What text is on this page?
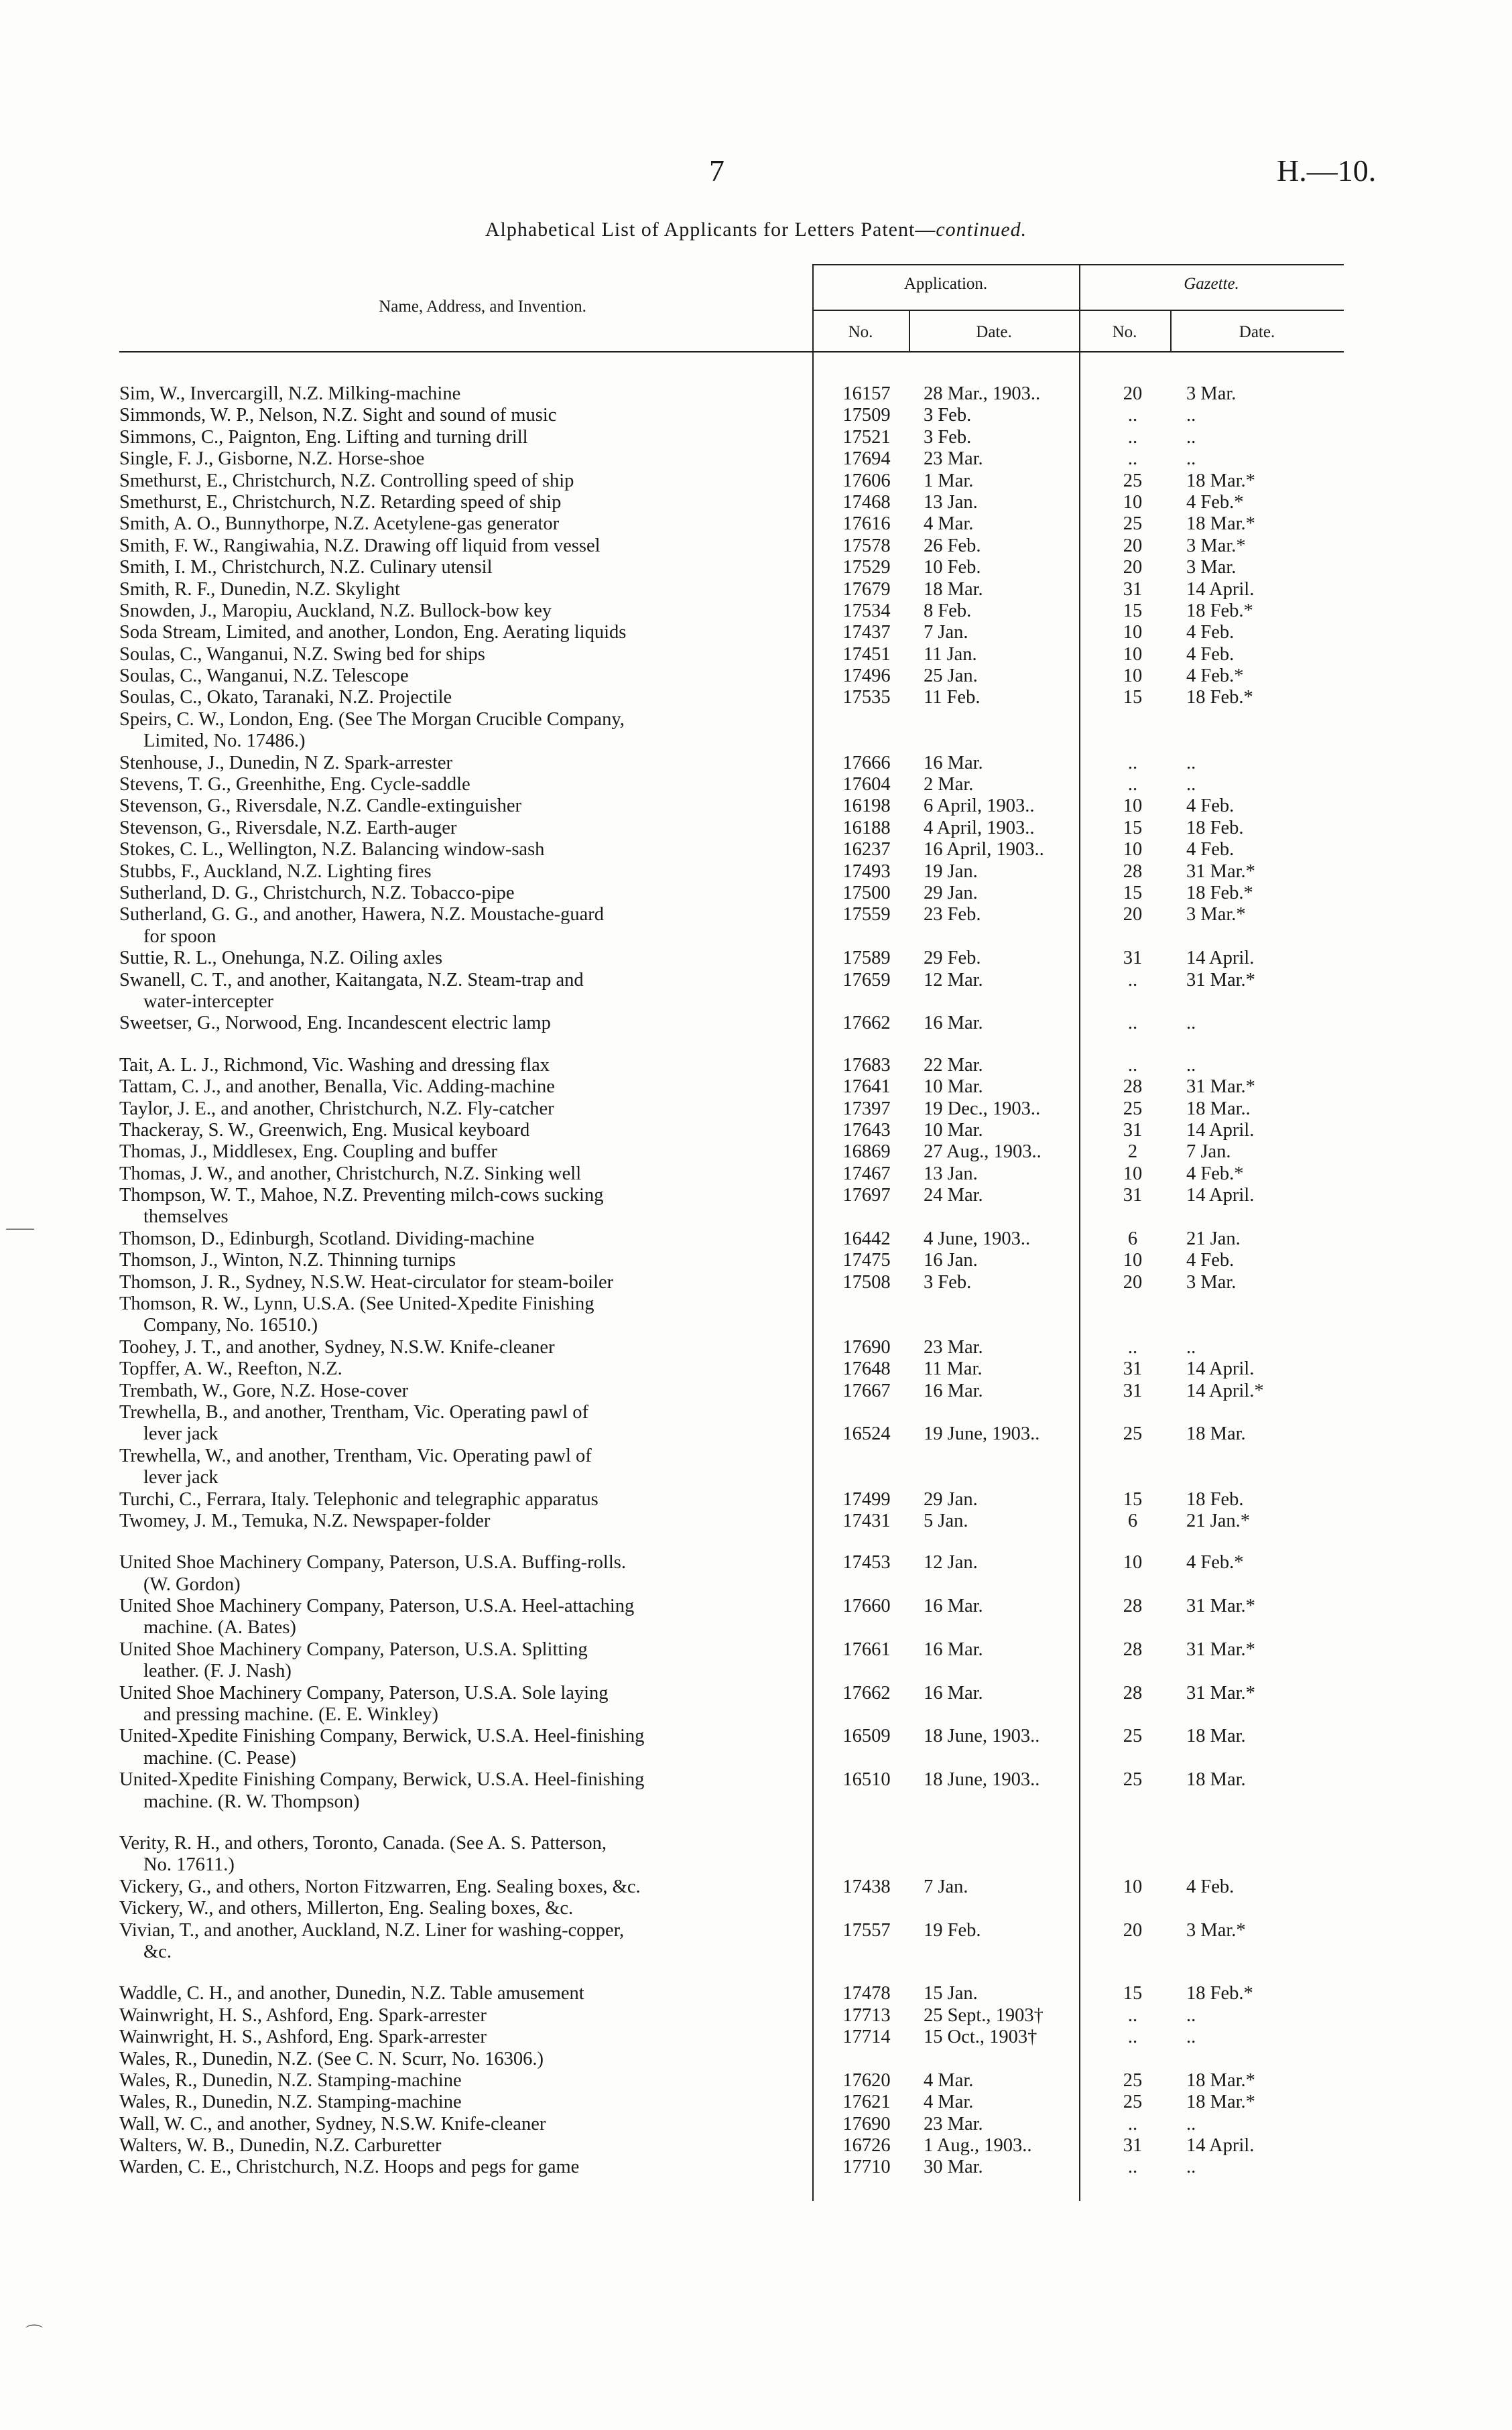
7	H.—10.
Alphabetical List of Applicants for Letters Patent—continued.
Name, Address, and Invention.
Application.	Gazette.
No.	Date.	No.	Date.
Sim, W., Invercargill, N.Z. Milking-machine	16157	28 Mar., 1903..	20	3 Mar.
Simmonds, W. P., Nelson, N.Z. Sight and sound of music	17509	3 Feb.	..	..
Simmons, C., Paignton, Eng. Lifting and turning drill	17521	3 Feb.	..	..
Single, F. J., Gisborne, N.Z. Horse-shoe	17694	23 Mar.	..	..
Smethurst, E., Christchurch, N.Z. Controlling speed of ship	17606	1 Mar.	25	18 Mar.*
Smethurst, E., Christchurch, N.Z. Retarding speed of ship	17468	13 Jan.	10	4 Feb.*
Smith, A. O., Bunnythorpe, N.Z. Acetylene-gas generator	17616	4 Mar.	25	18 Mar.*
Smith, F. W., Rangiwahia, N.Z. Drawing off liquid from vessel	17578	26 Feb.	20	3 Mar.*
Smith, I. M., Christchurch, N.Z. Culinary utensil	17529	10 Feb.	20	3 Mar.
Smith, R. F., Dunedin, N.Z. Skylight	17679	18 Mar.	31	14 April.
Snowden, J., Maropiu, Auckland, N.Z. Bullock-bow key	17534	8 Feb.	15	18 Feb.*
Soda Stream, Limited, and another, London, Eng. Aerating liquids	17437	7 Jan.	10	4 Feb.
Soulas, C., Wanganui, N.Z. Swing bed for ships	17451	11 Jan.	10	4 Feb.
Soulas, C., Wanganui, N.Z. Telescope	17496	25 Jan.	10	4 Feb.*
Soulas, C., Okato, Taranaki, N.Z. Projectile	17535	11 Feb.	15	18 Feb.*
Speirs, C. W., London, Eng. (See The Morgan Crucible Company,
Limited, No. 17486.)
Stenhouse, J., Dunedin, N Z. Spark-arrester	17666	16 Mar.	..	..
Stevens, T. G., Greenhithe, Eng. Cycle-saddle	17604	2 Mar.	..	..
Stevenson, G., Riversdale, N.Z. Candle-extinguisher	16198	6 April, 1903..	10	4 Feb.
Stevenson, G., Riversdale, N.Z. Earth-auger	16188	4 April, 1903..	15	18 Feb.
Stokes, C. L., Wellington, N.Z. Balancing window-sash	16237	16 April, 1903..	10	4 Feb.
Stubbs, F., Auckland, N.Z. Lighting fires	17493	19 Jan.	28	31 Mar.*
Sutherland, D. G., Christchurch, N.Z. Tobacco-pipe	17500	29 Jan.	15	18 Feb.*
Sutherland, G. G., and another, Hawera, N.Z. Moustache-guard	17559	23 Feb.	20	3 Mar.*
for spoon
Suttie, R. L., Onehunga, N.Z. Oiling axles	17589	29 Feb.	31	14 April.
Swanell, C. T., and another, Kaitangata, N.Z. Steam-trap and	17659	12 Mar.	..	31 Mar.*
water-intercepter
Sweetser, G., Norwood, Eng. Incandescent electric lamp	17662	16 Mar.	..	..
Tait, A. L. J., Richmond, Vic. Washing and dressing flax	17683	22 Mar.	..	..
Tattam, C. J., and another, Benalla, Vic. Adding-machine	17641	10 Mar.	28	31 Mar.*
Taylor, J. E., and another, Christchurch, N.Z. Fly-catcher	17397	19 Dec., 1903..	25	18 Mar..
Thackeray, S. W., Greenwich, Eng. Musical keyboard	17643	10 Mar.	31	14 April.
Thomas, J., Middlesex, Eng. Coupling and buffer	16869	27 Aug., 1903..	2	7 Jan.
Thomas, J. W., and another, Christchurch, N.Z. Sinking well	17467	13 Jan.	10	4 Feb.*
Thompson, W. T., Mahoe, N.Z. Preventing milch-cows sucking	17697	24 Mar.	31	14 April.
themselves
Thomson, D., Edinburgh, Scotland. Dividing-machine	16442	4 June, 1903..	6	21 Jan.
Thomson, J., Winton, N.Z. Thinning turnips	17475	16 Jan.	10	4 Feb.
Thomson, J. R., Sydney, N.S.W. Heat-circulator for steam-boiler	17508	3 Feb.	20	3 Mar.
Thomson, R. W., Lynn, U.S.A. (See United-Xpedite Finishing
Company, No. 16510.)
Toohey, J. T., and another, Sydney, N.S.W. Knife-cleaner	17690	23 Mar.	..	..
Topffer, A. W., Reefton, N.Z.	17648	11 Mar.	31	14 April.
Trembath, W., Gore, N.Z. Hose-cover	17667	16 Mar.	31	14 April.*
Trewhella, B., and another, Trentham, Vic. Operating pawl of
lever jack	16524	19 June, 1903..	25	18 Mar.
Trewhella, W., and another, Trentham, Vic. Operating pawl of
lever jack
Turchi, C., Ferrara, Italy. Telephonic and telegraphic apparatus	17499	29 Jan.	15	18 Feb.
Twomey, J. M., Temuka, N.Z. Newspaper-folder	17431	5 Jan.	6	21 Jan.*
United Shoe Machinery Company, Paterson, U.S.A. Buffing-rolls.	17453	12 Jan.	10	4 Feb.*
(W. Gordon)
United Shoe Machinery Company, Paterson, U.S.A. Heel-attaching	17660	16 Mar.	28	31 Mar.*
machine. (A. Bates)
United Shoe Machinery Company, Paterson, U.S.A. Splitting	17661	16 Mar.	28	31 Mar.*
leather. (F. J. Nash)
United Shoe Machinery Company, Paterson, U.S.A. Sole laying	17662	16 Mar.	28	31 Mar.*
and pressing machine. (E. E. Winkley)
United-Xpedite Finishing Company, Berwick, U.S.A. Heel-finishing	16509	18 June, 1903..	25	18 Mar.
machine. (C. Pease)
United-Xpedite Finishing Company, Berwick, U.S.A. Heel-finishing	16510	18 June, 1903..	25	18 Mar.
machine. (R. W. Thompson)
Verity, R. H., and others, Toronto, Canada. (See A. S. Patterson,
No. 17611.)
Vickery, G., and others, Norton Fitzwarren, Eng. Sealing boxes, &c.	17438	7 Jan.	10	4 Feb.
Vickery, W., and others, Millerton, Eng. Sealing boxes, &c.
Vivian, T., and another, Auckland, N.Z. Liner for washing-copper,	17557	19 Feb.	20	3 Mar.*
&c.
Waddle, C. H., and another, Dunedin, N.Z. Table amusement	17478	15 Jan.	15	18 Feb.*
Wainwright, H. S., Ashford, Eng. Spark-arrester	17713	25 Sept., 1903†	..	..
Wainwright, H. S., Ashford, Eng. Spark-arrester	17714	15 Oct., 1903†	..	..
Wales, R., Dunedin, N.Z. (See C. N. Scurr, No. 16306.)
Wales, R., Dunedin, N.Z. Stamping-machine	17620	4 Mar.	25	18 Mar.*
Wales, R., Dunedin, N.Z. Stamping-machine	17621	4 Mar.	25	18 Mar.*
Wall, W. C., and another, Sydney, N.S.W. Knife-cleaner	17690	23 Mar.	..	..
Walters, W. B., Dunedin, N.Z. Carburetter	16726	1 Aug., 1903..	31	14 April.
Warden, C. E., Christchurch, N.Z. Hoops and pegs for game	17710	30 Mar.	..	..
⸺
⌒
